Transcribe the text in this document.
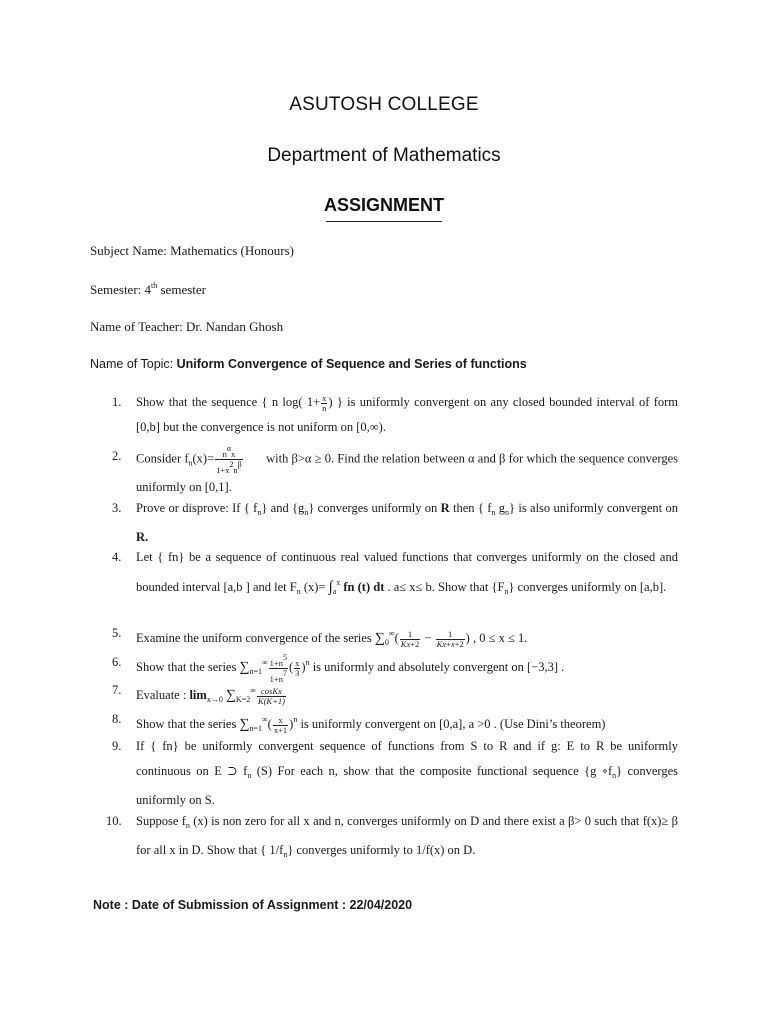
ASUTOSH COLLEGE
Department of Mathematics
ASSIGNMENT
Subject Name: Mathematics (Honours)
Semester: 4th semester
Name of Teacher: Dr. Nandan Ghosh
Name of Topic: Uniform Convergence of Sequence and Series of functions
1. Show that the sequence { n log( $1+ \frac{x}{n}$ ) } is uniformly convergent on any closed bounded interval of form [0,b] but the convergence is not uniform on [0,∞).
2. Consider $f_n(x)= \frac{n^\alpha x}{1+x^2n^\beta}$ with β>α ≥ 0. Find the relation between α and β for which the sequence converges uniformly on [0,1].
3. Prove or disprove: If { $f_n$} and $\{g_n\}$ converges uniformly on R then { $f_n$ $g_n$} is also uniformly convergent on R.
4. Let { fn} be a sequence of continuous real valued functions that converges uniformly on the closed and bounded interval [a,b ] and let $F_n$ $(x)= \int_a^x$ fn (t) dt . a≤ x≤ b. Show that $\{F_n\}$ converges uniformly on [a,b].
5. Examine the uniform convergence of the series $\sum_0^\infty( \frac{1}{Kx+2} - \frac{1}{Kx+x+2}$ ) , 0 ≤ x ≤ 1.
6. Show that the series $\sum_{n=1}^\infty \frac{1+n^5}{1+n^7}$ ( $\frac{x}{3} )^n$ is uniformly and absolutely convergent on [−3,3] .
7. Evaluate : $\lim_{x\to 0} \sum_{K=2}^\infty \frac{\text{cosKx}}{K(K+1)}$
8. Show that the series $\sum_{n=1}^\infty( \frac{x}{x+1} )^n$ is uniformly convergent on [0,a], a >0 . (Use Dini’s theorem)
9. If { fn} be uniformly convergent sequence of functions from S to R and if g: E to R be uniformly continuous on E ⊃ $f_n$ (S) For each n, show that the composite functional sequence {g $\circ f_n$} converges uniformly on S.
10. Suppose $f_n$ (x) is non zero for all x and n, converges uniformly on D and there exist a β> 0 such that f(x)≥ β for all x in D. Show that { $1/f_n$} converges uniformly to 1/f(x) on D.
Note : Date of Submission of Assignment : 22/04/2020
